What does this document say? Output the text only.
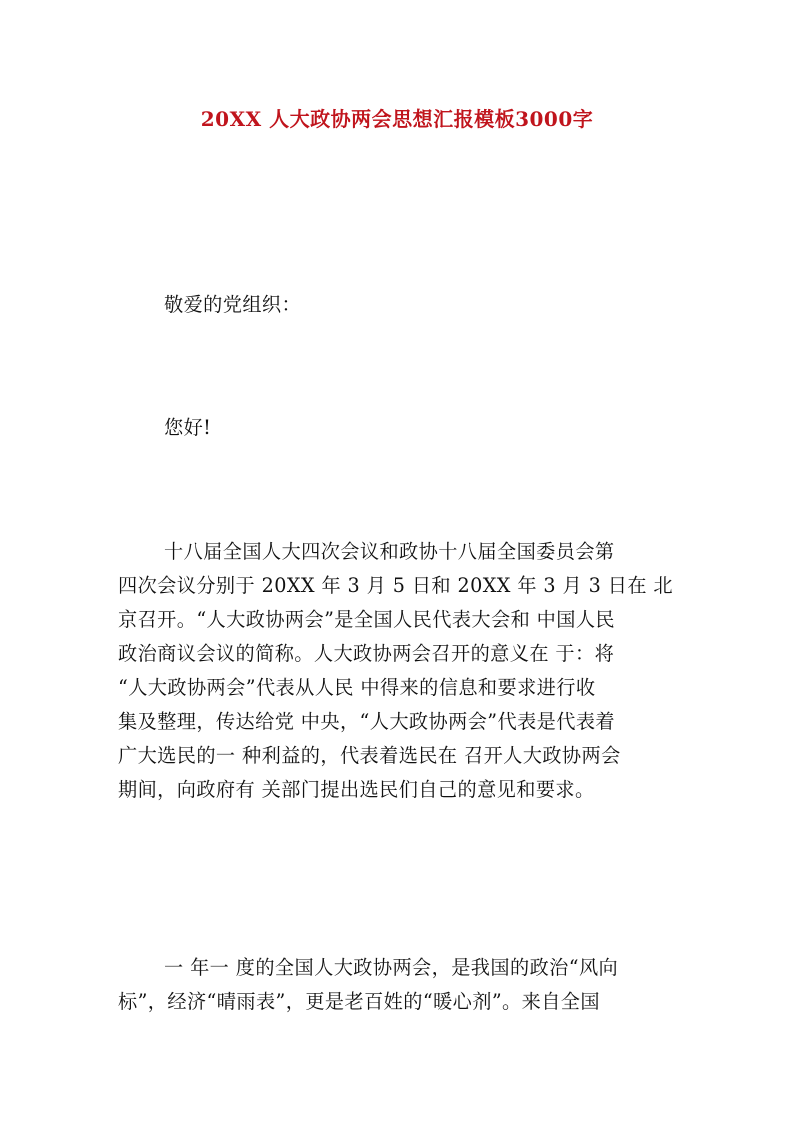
20XX 人大政协两会思想汇报模板3000字
敬爱的党组织：
您好!
十八届全国人大四次会议和政协十八届全国委员会第
四次会议分别于 20XX 年 3 月 5 日和 20XX 年 3 月 3 日在 北
京召开。“人大政协两会”是全国人民代表大会和 中国人民
政治商议会议的简称。人大政协两会召开的意义在 于：将
“人大政协两会”代表从人民 中得来的信息和要求进行收
集及整理，传达给党 中央，“人大政协两会”代表是代表着
广大选民的一 种利益的，代表着选民在 召开人大政协两会
期间，向政府有 关部门提出选民们自己的意见和要求。
一 年一 度的全国人大政协两会，是我国的政治“风向
标”，经济“晴雨表”，更是老百姓的“暖心剂”。来自全国
